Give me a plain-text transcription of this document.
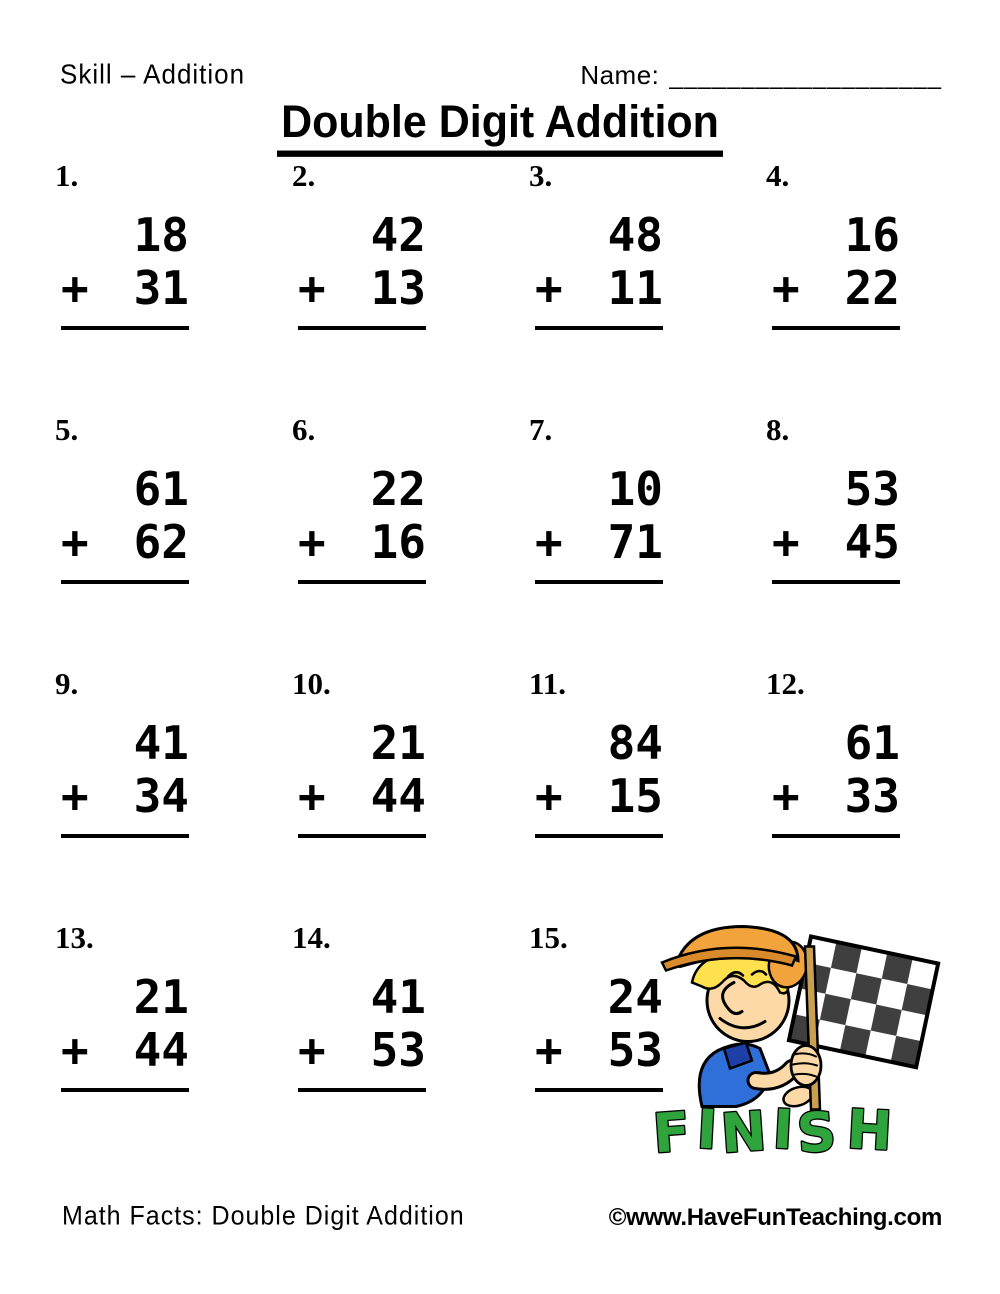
Skill – Addition	Name: ___________________
Double Digit Addition
1.
18
+ 31
2.
42
+ 13
3.
48
+ 11
4.
16
+ 22
5.
61
+ 62
6.
22
+ 16
7.
10
+ 71
8.
53
+ 45
9.
41
+ 34
10.
21
+ 44
11.
84
+ 15
12.
61
+ 33
13.
21
+ 44
14.
41
+ 53
15.
24
+ 53
F I N I S H
Math Facts: Double Digit Addition	©www.HaveFunTeaching.com
